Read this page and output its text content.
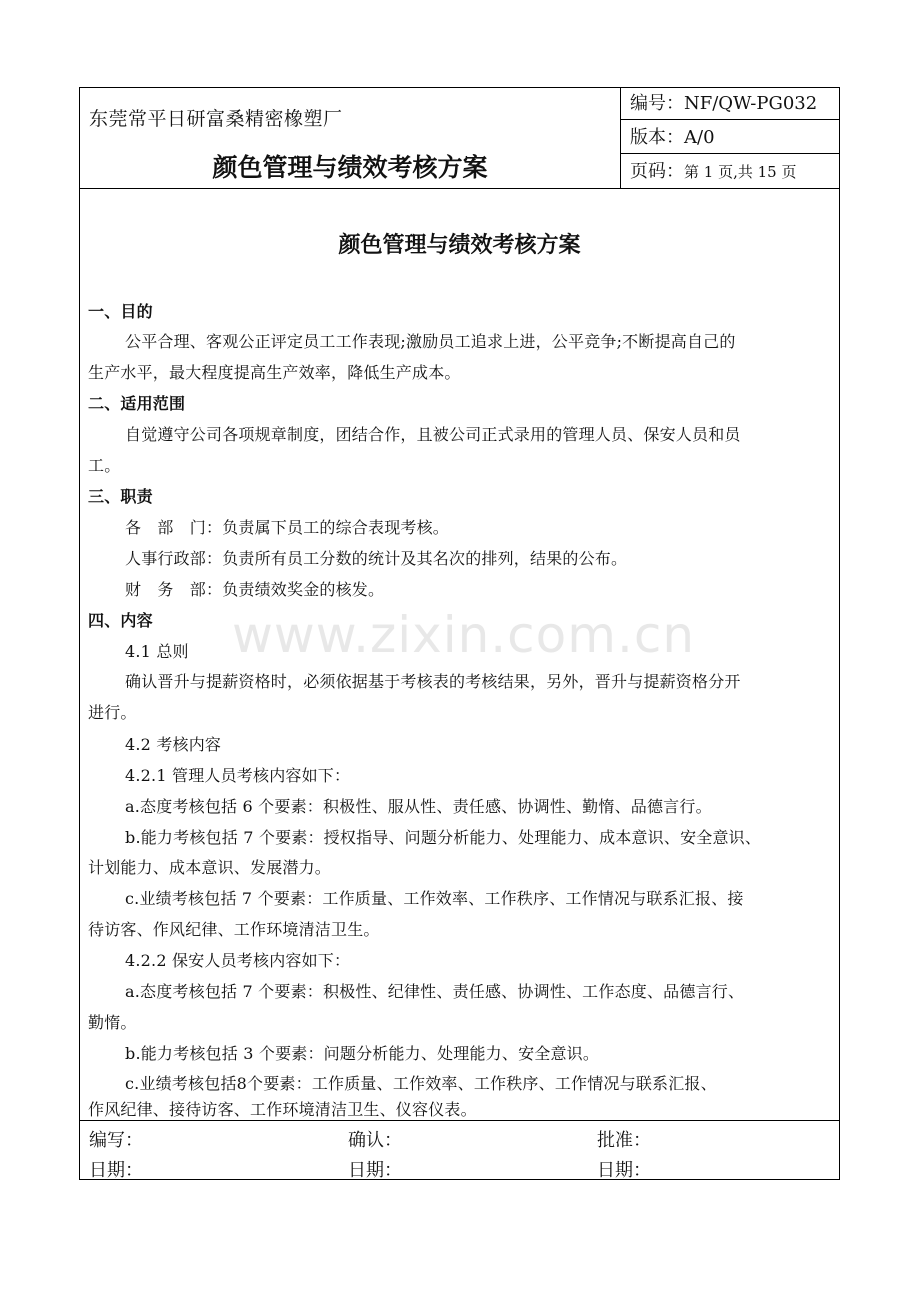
www.zixin.com.cn
东莞常平日研富桑精密橡塑厂
颜色管理与绩效考核方案
编号：NF/QW-PG032
版本：A/0
页码：第 1 页,共 15 页
颜色管理与绩效考核方案
一、目的
公平合理、客观公正评定员工工作表现;激励员工追求上进，公平竞争;不断提高自己的
生产水平，最大程度提高生产效率，降低生产成本。
二、适用范围
自觉遵守公司各项规章制度，团结合作，且被公司正式录用的管理人员、保安人员和员
工。
三、职责
各　部　门：负责属下员工的综合表现考核。
人事行政部：负责所有员工分数的统计及其名次的排列，结果的公布。
财　务　部：负责绩效奖金的核发。
四、内容
4.1 总则
确认晋升与提薪资格时，必须依据基于考核表的考核结果，另外，晋升与提薪资格分开
进行。
4.2 考核内容
4.2.1 管理人员考核内容如下：
a.态度考核包括 6 个要素：积极性、服从性、责任感、协调性、勤惰、品德言行。
b.能力考核包括 7 个要素：授权指导、问题分析能力、处理能力、成本意识、安全意识、
计划能力、成本意识、发展潜力。
c.业绩考核包括 7 个要素：工作质量、工作效率、工作秩序、工作情况与联系汇报、接
待访客、作风纪律、工作环境清洁卫生。
4.2.2 保安人员考核内容如下：
a.态度考核包括 7 个要素：积极性、纪律性、责任感、协调性、工作态度、品德言行、
勤惰。
b.能力考核包括 3 个要素：问题分析能力、处理能力、安全意识。
c.业绩考核包括8个要素：工作质量、工作效率、工作秩序、工作情况与联系汇报、
作风纪律、接待访客、工作环境清洁卫生、仪容仪表。
编写：	确认：	批准：
日期：	日期：	日期：
